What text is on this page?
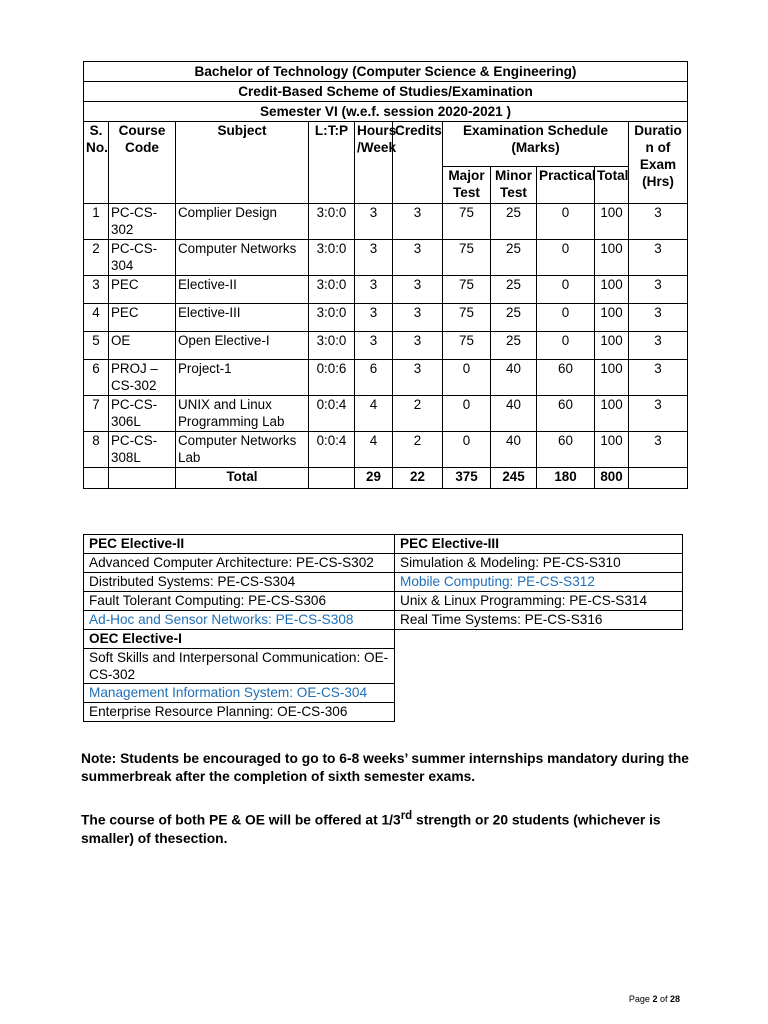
Bachelor of Technology (Computer Science & Engineering)										
Credit-Based Scheme of Studies/Examination										
Semester VI (w.e.f. session 2020-2021 )										
S. No.	Course Code	Subject	L:T:P	Hours /Week	Credits	Examination Schedule (Marks)				Duratio n of Exam (Hrs)
						Major Test	Minor Test	Practical	Total	
1	PC-CS-302	Complier Design	3:0:0	3	3	75	25	0	100	3
2	PC-CS-304	Computer Networks	3:0:0	3	3	75	25	0	100	3
3	PEC	Elective-II	3:0:0	3	3	75	25	0	100	3
4	PEC	Elective-III	3:0:0	3	3	75	25	0	100	3
5	OE	Open Elective-I	3:0:0	3	3	75	25	0	100	3
6	PROJ – CS-302	Project-1	0:0:6	6	3	0	40	60	100	3
7	PC-CS-306L	UNIX and Linux Programming Lab	0:0:4	4	2	0	40	60	100	3
8	PC-CS-308L	Computer Networks Lab	0:0:4	4	2	0	40	60	100	3
		Total		29	22	375	245	180	800	
PEC Elective-II	PEC Elective-III
Advanced Computer Architecture: PE-CS-S302	Simulation & Modeling: PE-CS-S310
Distributed Systems: PE-CS-S304	Mobile Computing: PE-CS-S312
Fault Tolerant Computing: PE-CS-S306	Unix & Linux Programming: PE-CS-S314
Ad-Hoc and Sensor Networks: PE-CS-S308	Real Time Systems: PE-CS-S316
OEC Elective-I	
Soft Skills and Interpersonal Communication: OE-CS-302	
Management Information System: OE-CS-304	
Enterprise Resource Planning: OE-CS-306	
Note: Students be encouraged to go to 6-8 weeks’ summer internships mandatory during the summerbreak after the completion of sixth semester exams.
The course of both PE & OE will be offered at 1/3rd strength or 20 students (whichever is smaller) of thesection.
Page 2 of 28
